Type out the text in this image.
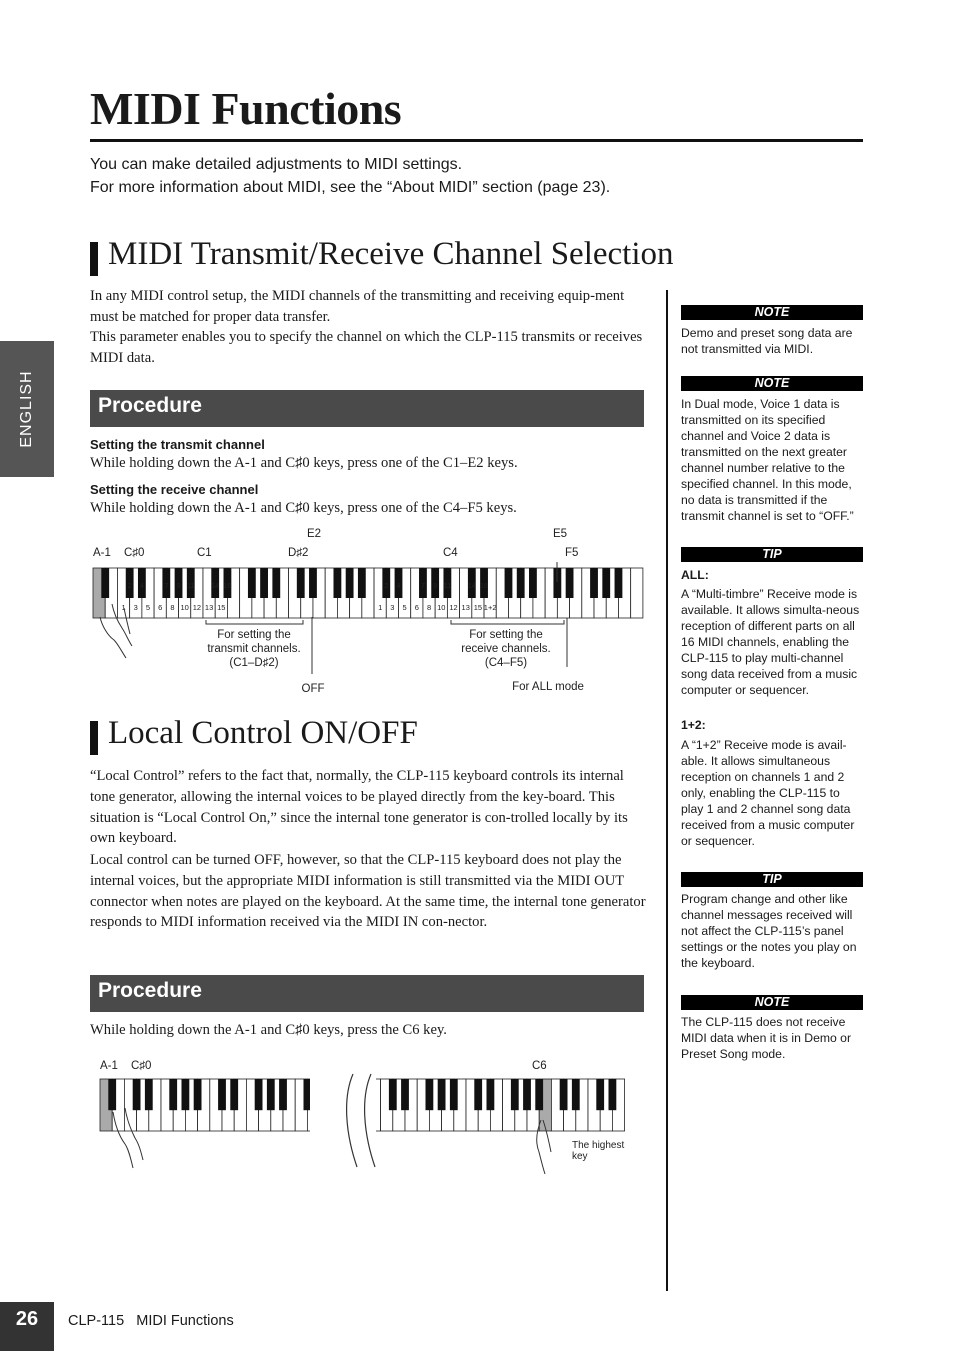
ENGLISH
MIDI Functions
You can make detailed adjustments to MIDI settings.
For more information about MIDI, see the “About MIDI” section (page 23).
MIDI Transmit/Receive Channel Selection
In any MIDI control setup, the MIDI channels of the transmitting and receiving equip-ment must be matched for proper data transfer.
This parameter enables you to specify the channel on which the CLP-115 transmits or receives MIDI data.
Procedure
Setting the transmit channel
While holding down the A-1 and C♯0 keys, press one of the C1–E2 keys.
Setting the receive channel
While holding down the A-1 and C♯0 keys, press one of the C4–F5 keys.
A-1 C♯0	C1	D♯2
E2
C4
E5
F5
1 3 5 6 8 10 12 13 15
2 4	7 9 11 14 16
1 3 5 6 8 10 12 13 15 1+2
2 4	7 9 11 14 16
For setting the
transmit channels.
(C1–D♯2)
For setting the
receive channels.
(C4–F5)
OFF	For ALL mode
Local Control ON/OFF
“Local Control” refers to the fact that, normally, the CLP-115 keyboard controls its internal tone generator, allowing the internal voices to be played directly from the key-board. This situation is “Local Control On,” since the internal tone generator is con-trolled locally by its own keyboard.
Local control can be turned OFF, however, so that the CLP-115 keyboard does not play the internal voices, but the appropriate MIDI information is still transmitted via the MIDI OUT connector when notes are played on the keyboard. At the same time, the internal tone generator responds to MIDI information received via the MIDI IN con-nector.
Procedure
While holding down the A-1 and C♯0 keys, press the C6 key.
A-1 C♯0	C6
The highest
key
NOTE
Demo and preset song data are not transmitted via MIDI.
NOTE
In Dual mode, Voice 1 data is transmitted on its specified channel and Voice 2 data is transmitted on the next greater channel number relative to the specified channel. In this mode, no data is transmitted if the transmit channel is set to “OFF.”
TIP
ALL:
A “Multi-timbre” Receive mode is available. It allows simulta-neous reception of different parts on all 16 MIDI channels, enabling the CLP-115 to play multi-channel song data received from a music computer or sequencer.
1+2:
A “1+2” Receive mode is avail-able. It allows simultaneous reception on channels 1 and 2 only, enabling the CLP-115 to play 1 and 2 channel song data received from a music computer or sequencer.
TIP
Program change and other like channel messages received will not affect the CLP-115’s panel settings or the notes you play on the keyboard.
NOTE
The CLP-115 does not receive MIDI data when it is in Demo or Preset Song mode.
26	CLP-115 MIDI Functions
